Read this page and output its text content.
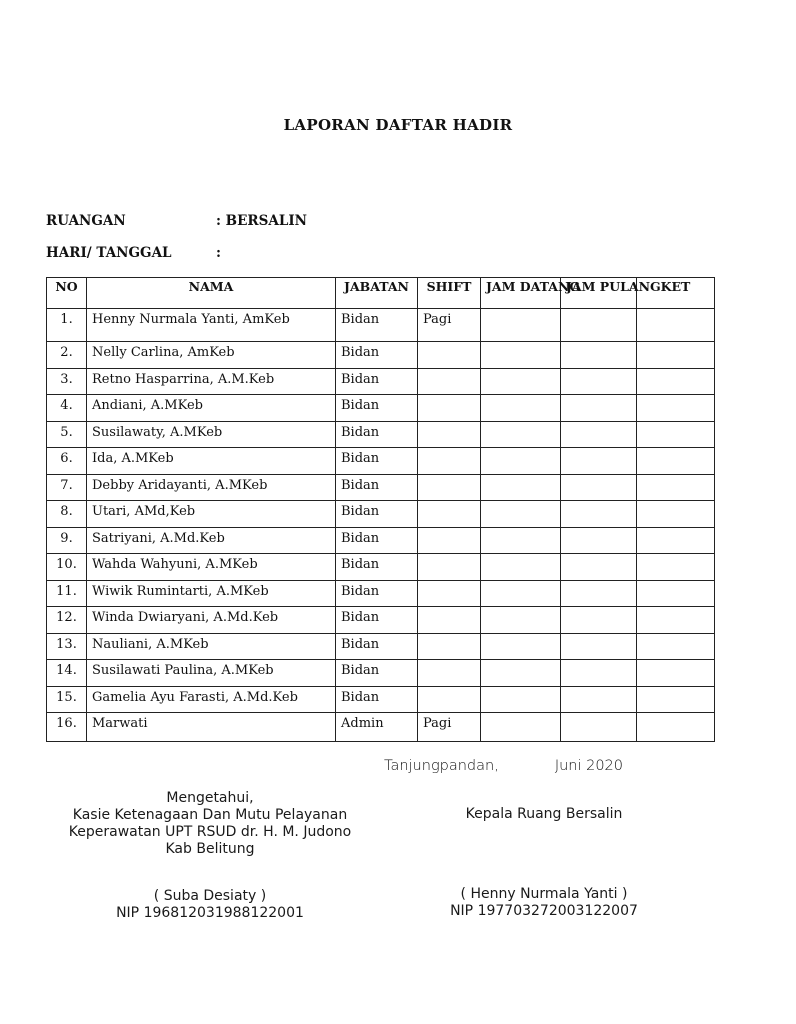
LAPORAN DAFTAR HADIR
RUANGAN	: BERSALIN
HARI/ TANGGAL	:
NO	NAMA	JABATAN	SHIFT	JAM DATANG	JAM PULANG	KET
1.	Henny Nurmala Yanti, AmKeb	Bidan	Pagi			
2.	Nelly Carlina, AmKeb	Bidan				
3.	Retno Hasparrina, A.M.Keb	Bidan				
4.	Andiani, A.MKeb	Bidan				
5.	Susilawaty, A.MKeb	Bidan				
6.	Ida, A.MKeb	Bidan				
7.	Debby Aridayanti, A.MKeb	Bidan				
8.	Utari, AMd,Keb	Bidan				
9.	Satriyani, A.Md.Keb	Bidan				
10.	Wahda Wahyuni, A.MKeb	Bidan				
11.	Wiwik Rumintarti, A.MKeb	Bidan				
12.	Winda Dwiaryani, A.Md.Keb	Bidan				
13.	Nauliani, A.MKeb	Bidan				
14.	Susilawati Paulina, A.MKeb	Bidan				
15.	Gamelia Ayu Farasti, A.Md.Keb	Bidan				
16.	Marwati	Admin	Pagi			
Tanjungpandan,	Juni 2020
Mengetahui,
Kasie Ketenagaan Dan Mutu Pelayanan
Keperawatan UPT RSUD dr. H. M. Judono
Kab Belitung
Kepala Ruang Bersalin
( Suba Desiaty )
NIP 196812031988122001
( Henny Nurmala Yanti )
NIP 197703272003122007
